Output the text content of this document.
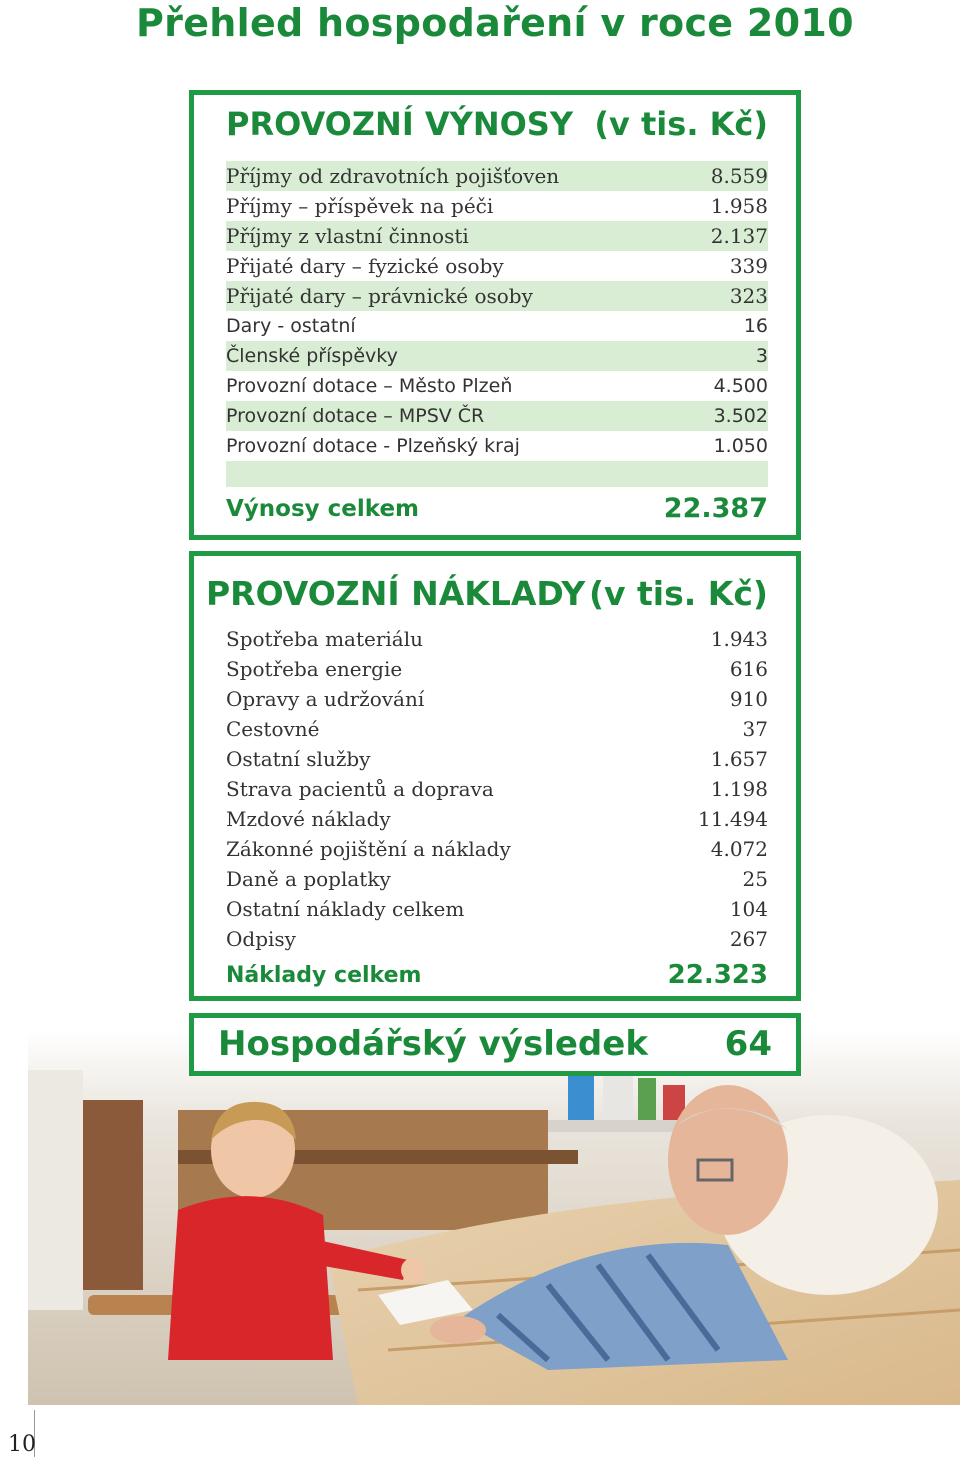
Přehled hospodaření v roce 2010
PROVOZNÍ VÝNOSY (v tis. Kč)
Příjmy od zdravotních pojišťoven	8.559
Příjmy – příspěvek na péči	1.958
Příjmy z vlastní činnosti	2.137
Přijaté dary – fyzické osoby	339
Přijaté dary – právnické osoby	323
Dary - ostatní	16
Členské příspěvky	3
Provozní dotace – Město Plzeň	4.500
Provozní dotace – MPSV ČR	3.502
Provozní dotace - Plzeňský kraj	1.050
Výnosy celkem	22.387
PROVOZNÍ NÁKLADY (v tis. Kč)
Spotřeba materiálu	1.943
Spotřeba energie	616
Opravy a udržování	910
Cestovné	37
Ostatní služby	1.657
Strava pacientů a doprava	1.198
Mzdové náklady	11.494
Zákonné pojištění a náklady	4.072
Daně a poplatky	25
Ostatní náklady celkem	104
Odpisy	267
Náklady celkem	22.323
Hospodářský výsledek 64
10
